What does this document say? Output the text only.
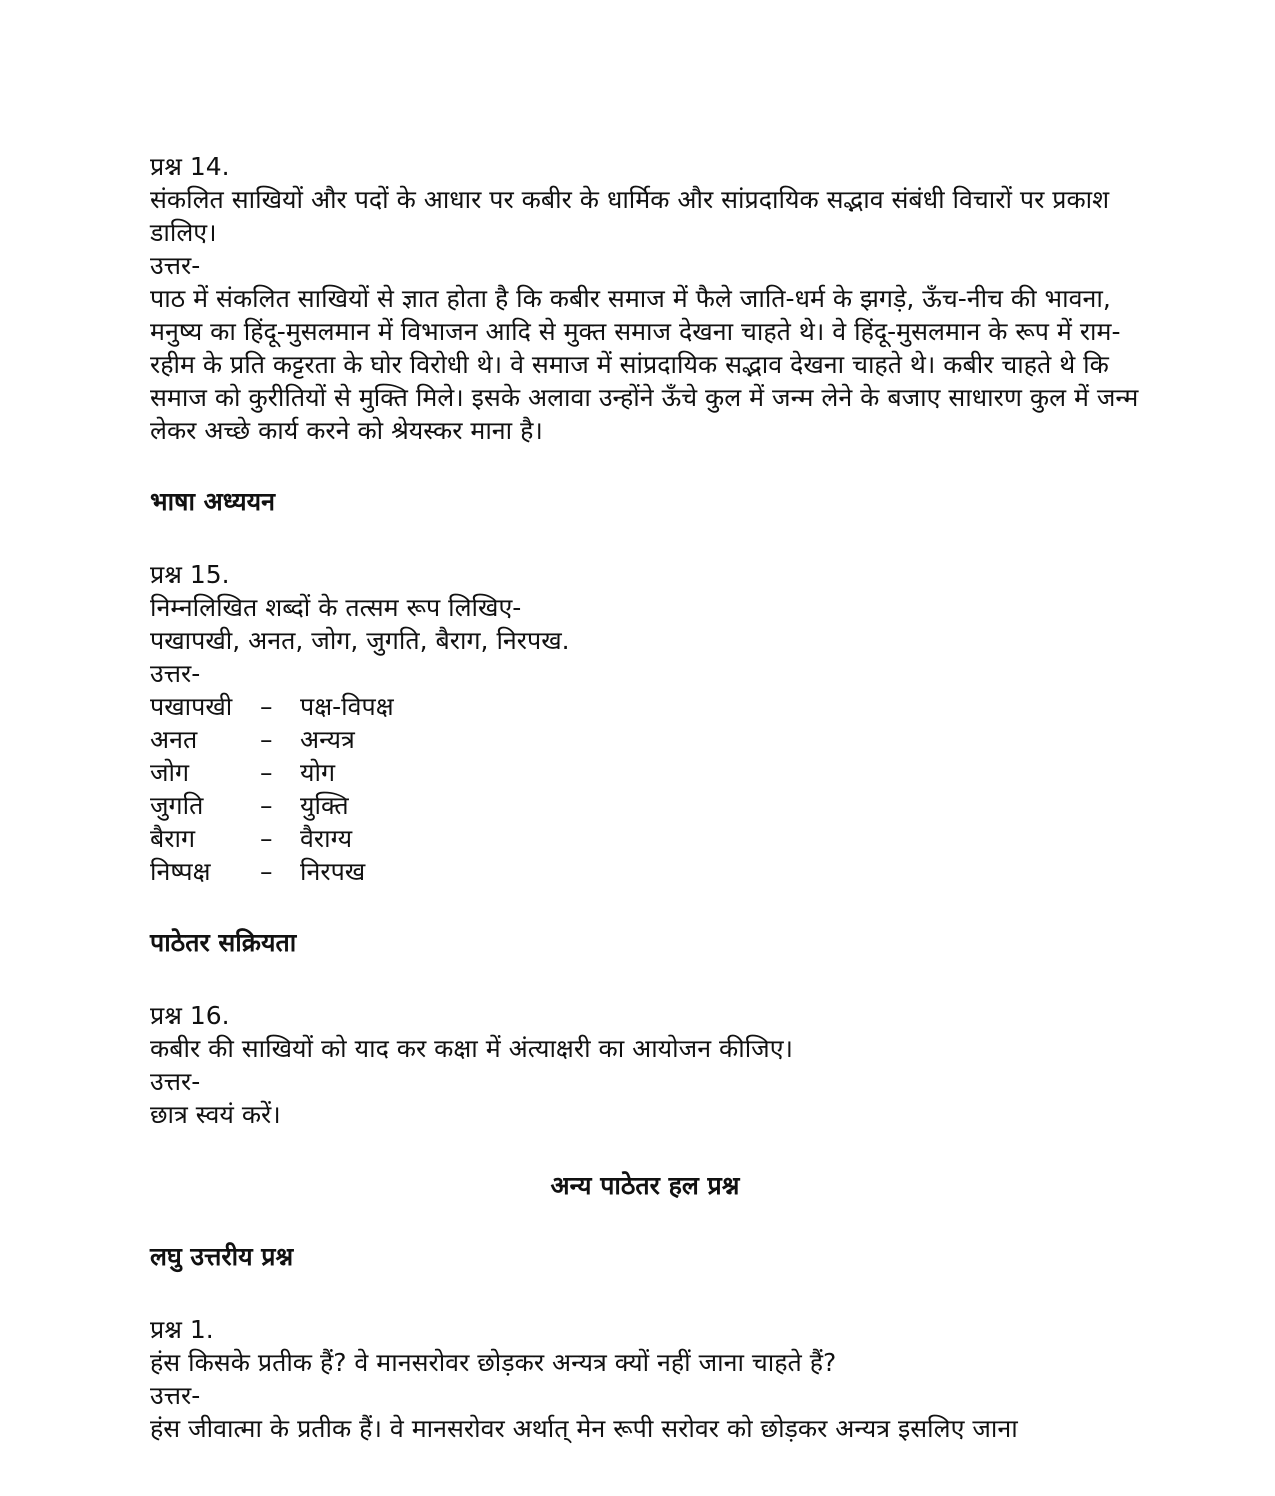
प्रश्न 14.
संकलित साखियों और पदों के आधार पर कबीर के धार्मिक और सांप्रदायिक सद्भाव संबंधी विचारों पर प्रकाश डालिए।
उत्तर-
पाठ में संकलित साखियों से ज्ञात होता है कि कबीर समाज में फैले जाति-धर्म के झगड़े, ऊँच-नीच की भावना, मनुष्य का हिंदू-मुसलमान में विभाजन आदि से मुक्त समाज देखना चाहते थे। वे हिंदू-मुसलमान के रूप में राम-रहीम के प्रति कट्टरता के घोर विरोधी थे। वे समाज में सांप्रदायिक सद्भाव देखना चाहते थे। कबीर चाहते थे कि समाज को कुरीतियों से मुक्ति मिले। इसके अलावा उन्होंने ऊँचे कुल में जन्म लेने के बजाए साधारण कुल में जन्म लेकर अच्छे कार्य करने को श्रेयस्कर माना है।
भाषा अध्ययन
प्रश्न 15.
निम्नलिखित शब्दों के तत्सम रूप लिखिए-
पखापखी, अनत, जोग, जुगति, बैराग, निरपख.
उत्तर-
पखापखी	–	पक्ष-विपक्ष
अनत	–	अन्यत्र
जोग	–	योग
जुगति	–	युक्ति
बैराग	–	वैराग्य
निष्पक्ष	–	निरपख
पाठेतर सक्रियता
प्रश्न 16.
कबीर की साखियों को याद कर कक्षा में अंत्याक्षरी का आयोजन कीजिए।
उत्तर-
छात्र स्वयं करें।
अन्य पाठेतर हल प्रश्न
लघु उत्तरीय प्रश्न
प्रश्न 1.
हंस किसके प्रतीक हैं? वे मानसरोवर छोड़कर अन्यत्र क्यों नहीं जाना चाहते हैं?
उत्तर-
हंस जीवात्मा के प्रतीक हैं। वे मानसरोवर अर्थात् मेन रूपी सरोवर को छोड़कर अन्यत्र इसलिए जाना
